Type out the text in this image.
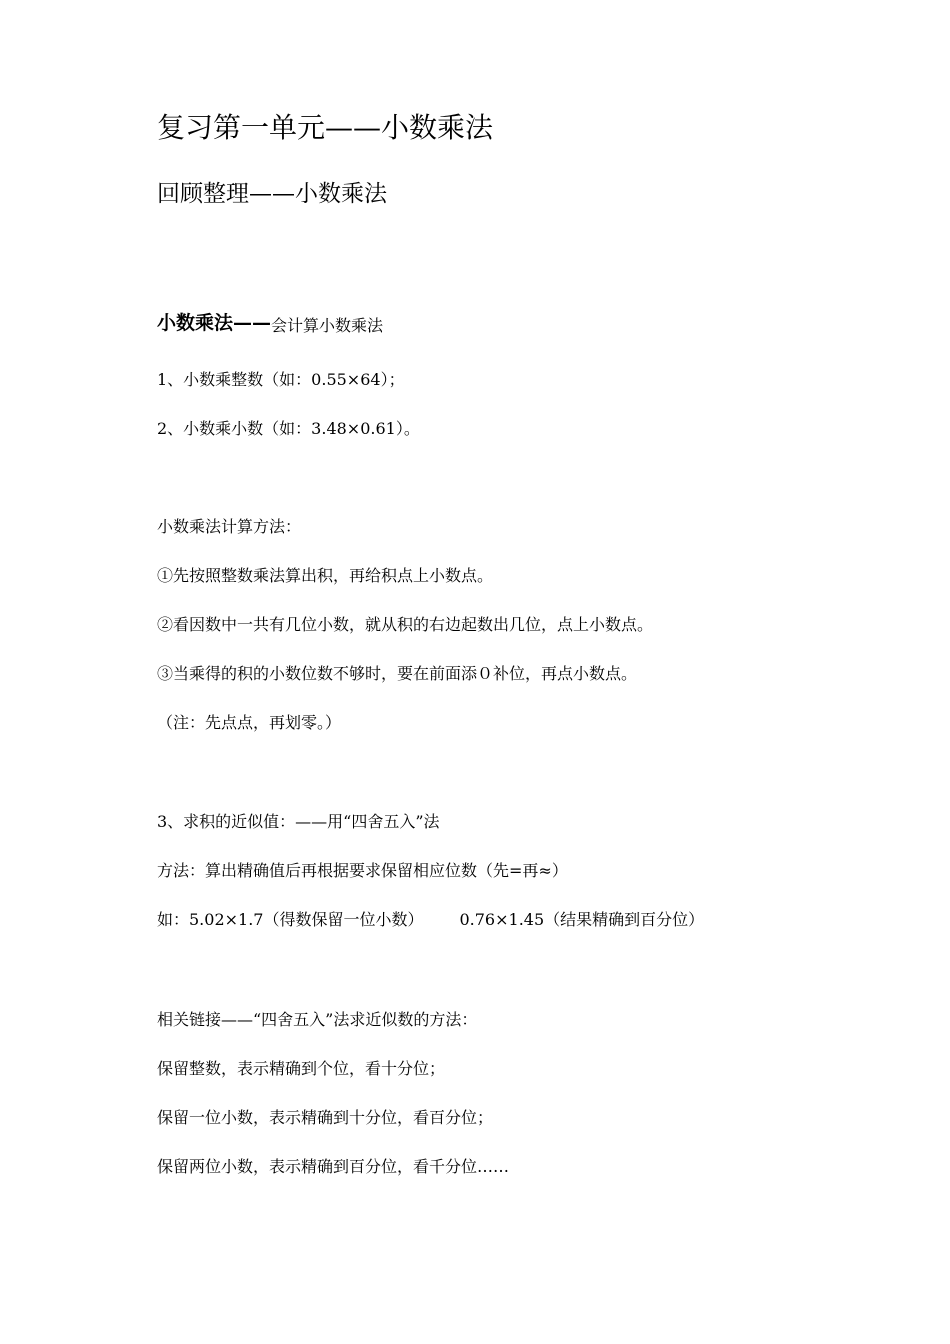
复习第一单元——小数乘法
回顾整理——小数乘法
小数乘法——会计算小数乘法
1、小数乘整数（如：0.55×64）；
2、小数乘小数（如：3.48×0.61）。
小数乘法计算方法：
①先按照整数乘法算出积，再给积点上小数点。
②看因数中一共有几位小数，就从积的右边起数出几位，点上小数点。
③当乘得的积的小数位数不够时，要在前面添０补位，再点小数点。
（注：先点点，再划零。）
3、求积的近似值：——用“四舍五入”法
方法：算出精确值后再根据要求保留相应位数（先=再≈）
如：5.02×1.7（得数保留一位小数） 0.76×1.45（结果精确到百分位）
相关链接——“四舍五入”法求近似数的方法：
保留整数，表示精确到个位，看十分位；
保留一位小数，表示精确到十分位，看百分位；
保留两位小数，表示精确到百分位，看千分位……
